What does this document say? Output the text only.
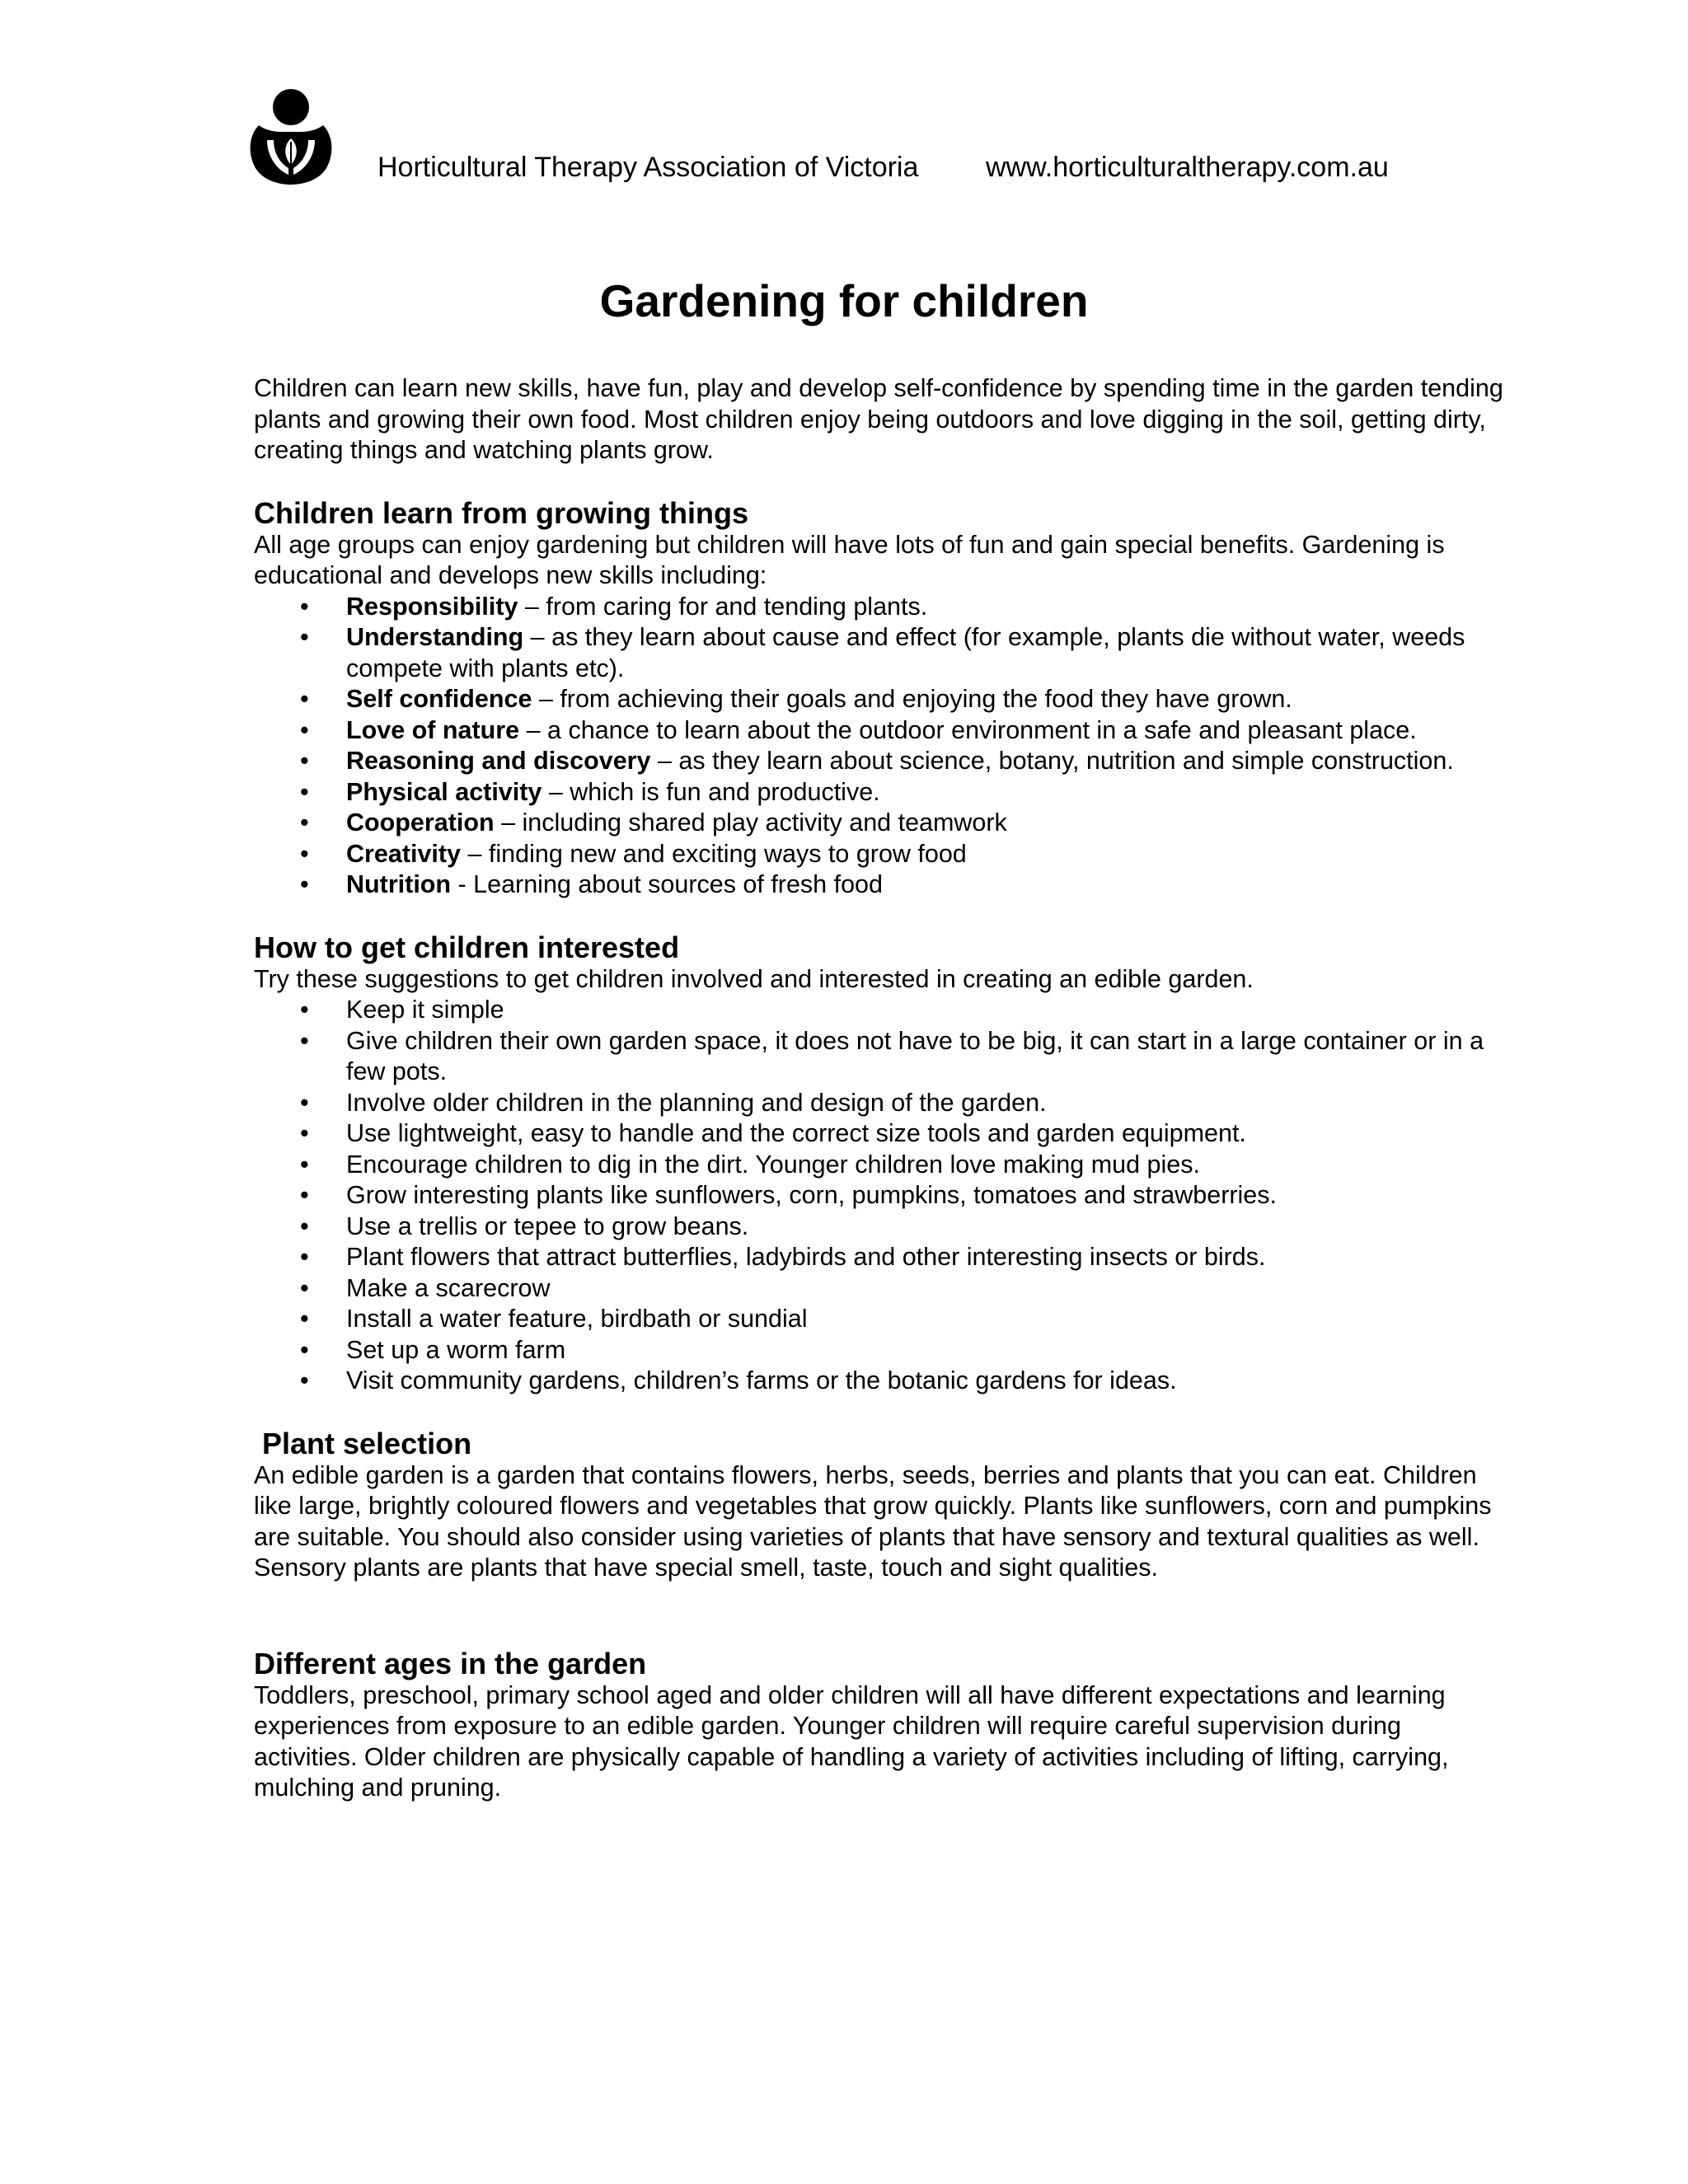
Horticultural Therapy Association of Victoria www.horticulturaltherapy.com.au
Gardening for children

Children can learn new skills, have fun, play and develop self-confidence by spending time in the garden tending plants and growing their own food. Most children enjoy being outdoors and love digging in the soil, getting dirty, creating things and watching plants grow.

Children learn from growing things

All age groups can enjoy gardening but children will have lots of fun and gain special benefits. Gardening is educational and develops new skills including:

• Responsibility – from caring for and tending plants.
• Understanding – as they learn about cause and effect (for example, plants die without water, weeds compete with plants etc).
• Self confidence – from achieving their goals and enjoying the food they have grown.
• Love of nature – a chance to learn about the outdoor environment in a safe and pleasant place.
• Reasoning and discovery – as they learn about science, botany, nutrition and simple construction.
• Physical activity – which is fun and productive.
• Cooperation – including shared play activity and teamwork
• Creativity – finding new and exciting ways to grow food
• Nutrition - Learning about sources of fresh food
How to get children interested

Try these suggestions to get children involved and interested in creating an edible garden.

• Keep it simple
• Give children their own garden space, it does not have to be big, it can start in a large container or in a few pots.
• Involve older children in the planning and design of the garden.
• Use lightweight, easy to handle and the correct size tools and garden equipment.
• Encourage children to dig in the dirt. Younger children love making mud pies.
• Grow interesting plants like sunflowers, corn, pumpkins, tomatoes and strawberries.
• Use a trellis or tepee to grow beans.
• Plant flowers that attract butterflies, ladybirds and other interesting insects or birds.
• Make a scarecrow
• Install a water feature, birdbath or sundial
• Set up a worm farm
• Visit community gardens, children’s farms or the botanic gardens for ideas.
Plant selection

An edible garden is a garden that contains flowers, herbs, seeds, berries and plants that you can eat. Children like large, brightly coloured flowers and vegetables that grow quickly. Plants like sunflowers, corn and pumpkins are suitable. You should also consider using varieties of plants that have sensory and textural qualities as well. Sensory plants are plants that have special smell, taste, touch and sight qualities.

Different ages in the garden

Toddlers, preschool, primary school aged and older children will all have different expectations and learning experiences from exposure to an edible garden. Younger children will require careful supervision during activities. Older children are physically capable of handling a variety of activities including of lifting, carrying, mulching and pruning.
